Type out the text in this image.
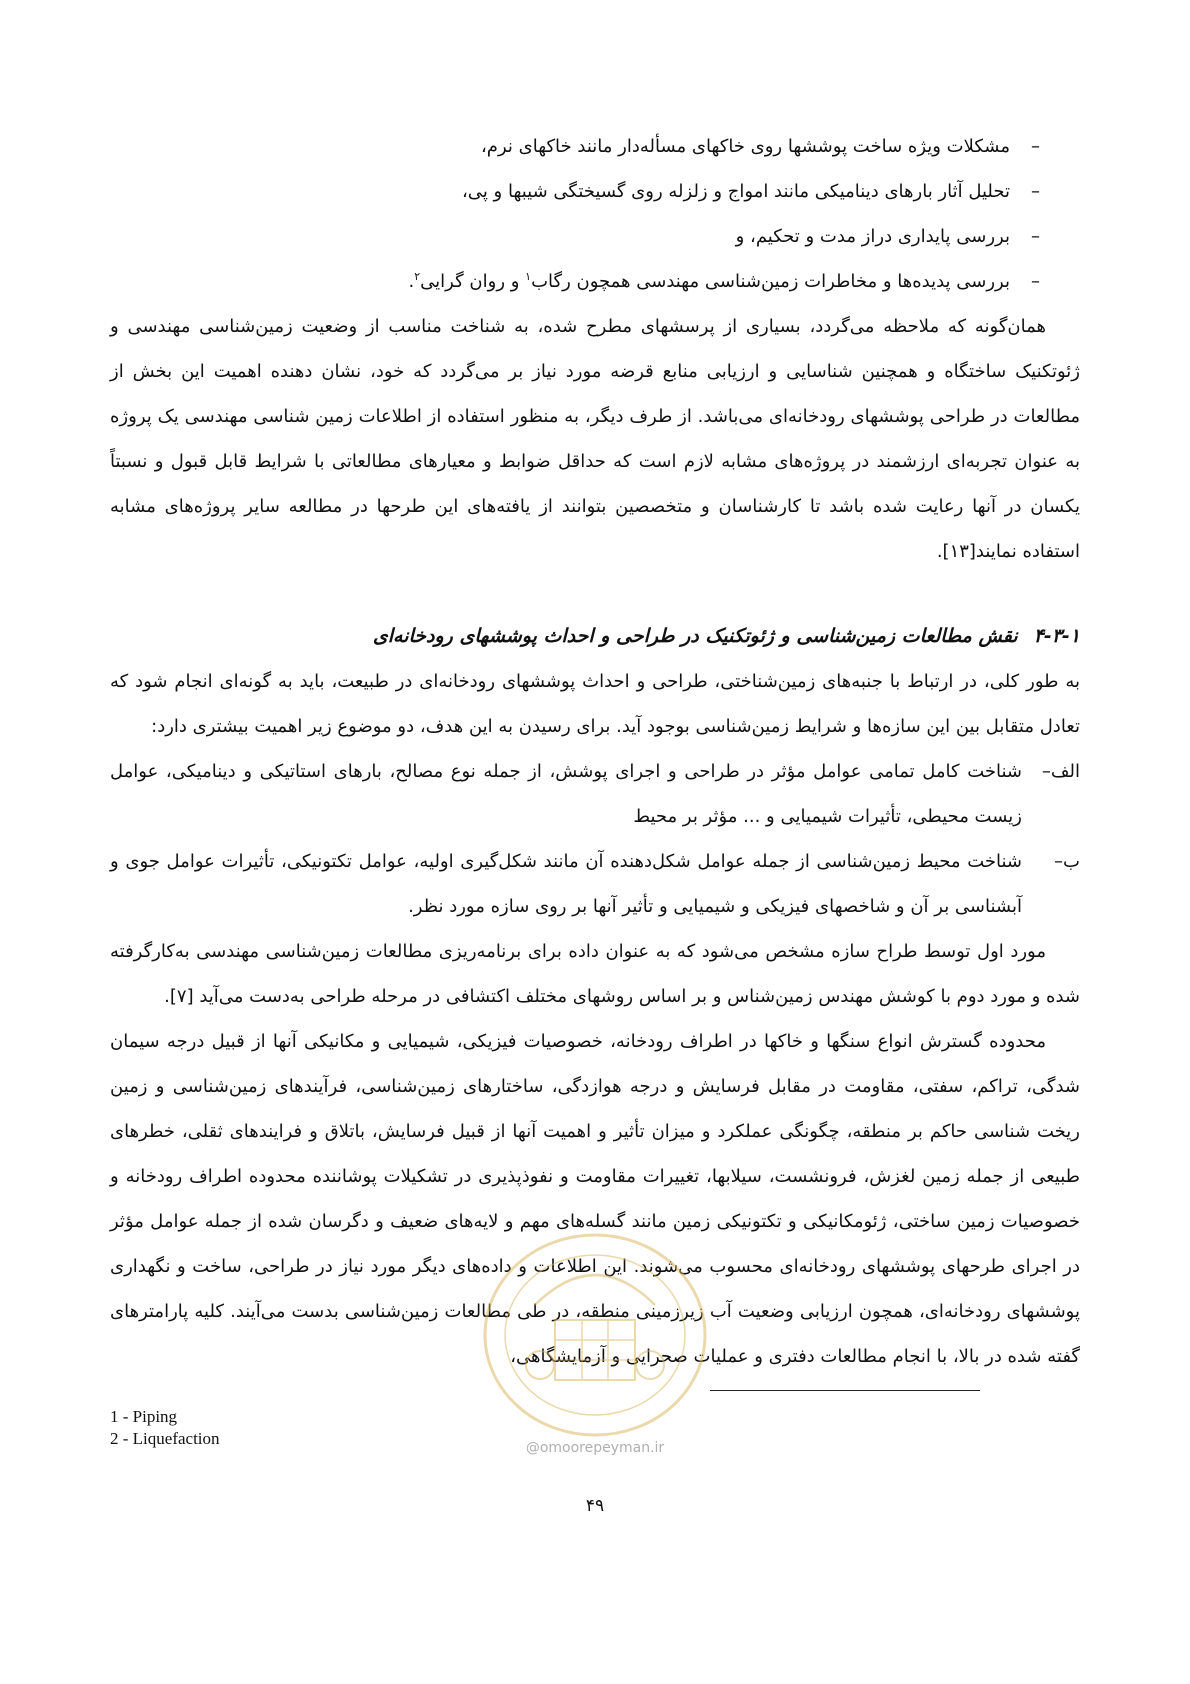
–
مشکلات ویژه ساخت پوششها روی خاکهای مسأله‌دار مانند خاکهای نرم،

–
تحلیل آثار بارهای دینامیکی مانند امواج و زلزله روی گسیختگی شیبها و پی،

–
بررسی پایداری دراز مدت و تحکیم، و

–
بررسی پدیده‌ها و مخاطرات زمین‌شناسی مهندسی همچون رگاب$^۱$ و روان گرایی$^۲$.

همان‌گونه که ملاحظه می‌گردد، بسیاری از پرسشهای مطرح شده، به شناخت مناسب از وضعیت زمین‌شناسی مهندسی و ژئوتکنیک ساختگاه و همچنین شناسایی و ارزیابی منابع قرضه مورد نیاز بر می‌گردد که خود، نشان دهنده اهمیت این بخش از مطالعات در طراحی پوششهای رودخانه‌ای می‌باشد. از طرف دیگر، به منظور استفاده از اطلاعات زمین شناسی مهندسی یک پروژه به عنوان تجربه‌ای ارزشمند در پروژه‌های مشابه لازم است که حداقل ضوابط و معیارهای مطالعاتی با شرایط قابل قبول و نسبتاً یکسان در آنها رعایت شده باشد تا کارشناسان و متخصصین بتوانند از یافته‌های این طرحها در مطالعه سایر پروژه‌های مشابه استفاده نمایند[۱۳].

۴-۳-۱
نقش مطالعات زمین‌شناسی و ژئوتکنیک در طراحی و احداث پوششهای رودخانه‌ای

به طور کلی، در ارتباط با جنبه‌های زمین‌شناختی، طراحی و احداث پوششهای رودخانه‌ای در طبیعت، باید به گونه‌ای انجام شود که تعادل متقابل بین این سازه‌ها و شرایط زمین‌شناسی بوجود آید. برای رسیدن به این هدف، دو موضوع زیر اهمیت بیشتری دارد:

الف–
شناخت کامل تمامی عوامل مؤثر در طراحی و اجرای پوشش، از جمله نوع مصالح، بارهای استاتیکی و دینامیکی، عوامل زیست محیطی، تأثیرات شیمیایی و ... مؤثر بر محیط

ب–
شناخت محیط زمین‌شناسی از جمله عوامل شکل‌دهنده آن مانند شکل‌گیری اولیه، عوامل تکتونیکی، تأثیرات عوامل جوی و آبشناسی بر آن و شاخصهای فیزیکی و شیمیایی و تأثیر آنها بر روی سازه مورد نظر.

مورد اول توسط طراح سازه مشخص می‌شود که به عنوان داده برای برنامه‌ریزی مطالعات زمین‌شناسی مهندسی به‌کارگرفته شده و مورد دوم با کوشش مهندس زمین‌شناس و بر اساس روشهای مختلف اکتشافی در مرحله طراحی به‌دست می‌آید [۷].

محدوده گسترش انواع سنگها و خاکها در اطراف رودخانه، خصوصیات فیزیکی، شیمیایی و مکانیکی آنها از قبیل درجه سیمان شدگی، تراکم، سفتی، مقاومت در مقابل فرسایش و درجه هوازدگی، ساختارهای زمین‌شناسی، فرآیندهای زمین‌شناسی و زمین ریخت شناسی حاکم بر منطقه، چگونگی عملکرد و میزان تأثیر و اهمیت آنها از قبیل فرسایش، باتلاق و فرایندهای ثقلی، خطرهای طبیعی از جمله زمین لغزش، فرونشست، سیلابها، تغییرات مقاومت و نفوذپذیری در تشکیلات پوشاننده محدوده اطراف رودخانه و خصوصیات زمین ساختی، ژئومکانیکی و تکتونیکی زمین مانند گسله‌های مهم و لایه‌های ضعیف و دگرسان شده از جمله عوامل مؤثر در اجرای طرحهای پوششهای رودخانه‌ای محسوب می‌شوند. این اطلاعات و داده‌های دیگر مورد نیاز در طراحی، ساخت و نگهداری پوششهای رودخانه‌ای، همچون ارزیابی وضعیت آب زیرزمینی منطقه، در طی مطالعات زمین‌شناسی بدست می‌آیند. کلیه پارامترهای گفته شده در بالا، با انجام مطالعات دفتری و عملیات صحرایی و آزمایشگاهی،

@omoorepeyman.ir
1 - Piping
2 - Liquefaction
۴۹
